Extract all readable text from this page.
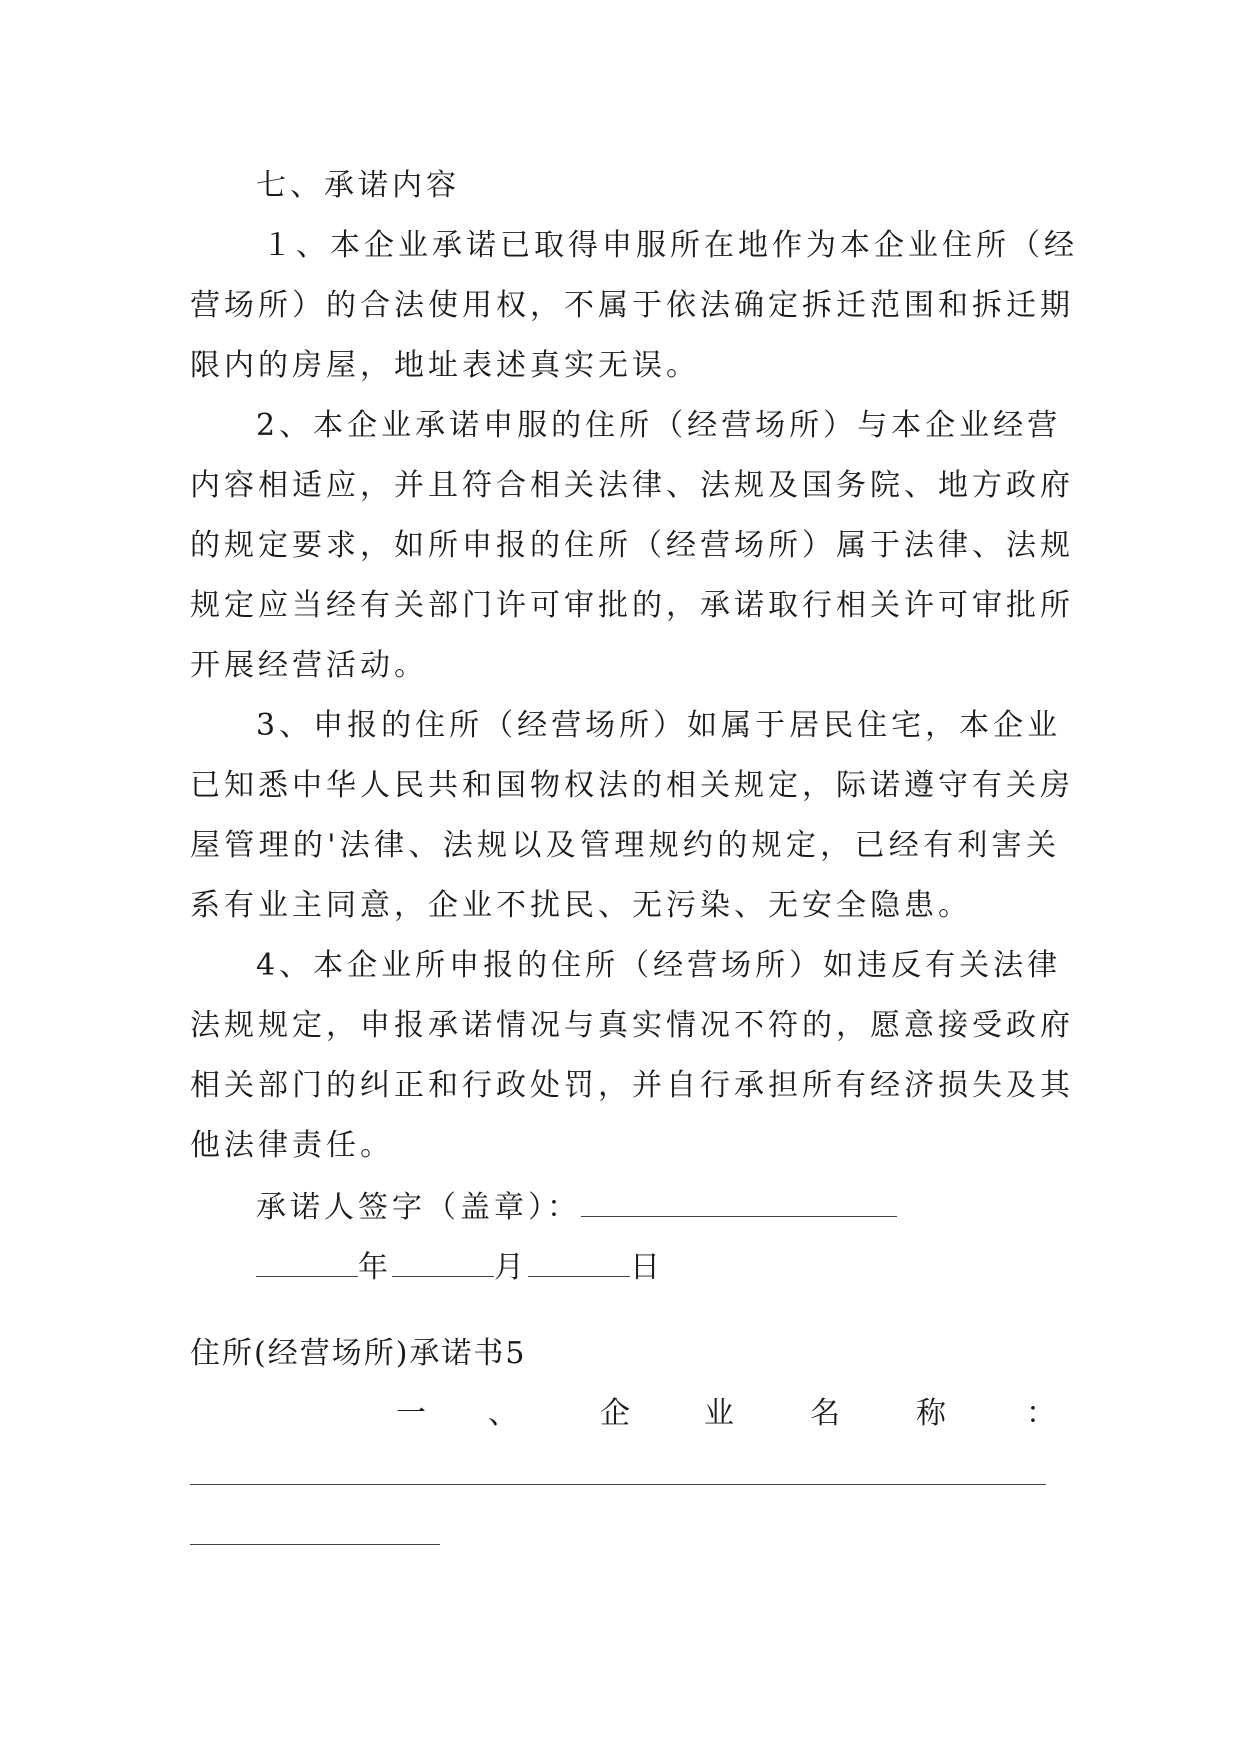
七、承诺内容
１、本企业承诺已取得申服所在地作为本企业住所（经
营场所）的合法使用权，不属于依法确定拆迁范围和拆迁期
限内的房屋，地址表述真实无误。
2、本企业承诺申服的住所（经营场所）与本企业经营
内容相适应，并且符合相关法律、法规及国务院、地方政府
的规定要求，如所申报的住所（经营场所）属于法律、法规
规定应当经有关部门许可审批的，承诺取行相关许可审批所
开展经营活动。
3、申报的住所（经营场所）如属于居民住宅，本企业
已知悉中华人民共和国物权法的相关规定，际诺遵守有关房
屋管理的'法律、法规以及管理规约的规定，已经有利害关
系有业主同意，企业不扰民、无污染、无安全隐患。
4、本企业所申报的住所（经营场所）如违反有关法律
法规规定，申报承诺情况与真实情况不符的，愿意接受政府
相关部门的纠正和行政处罚，并自行承担所有经济损失及其
他法律责任。
承诺人签字（盖章）：
年	月	日
住所(经营场所)承诺书5
一 、	企 业	名	称	：
